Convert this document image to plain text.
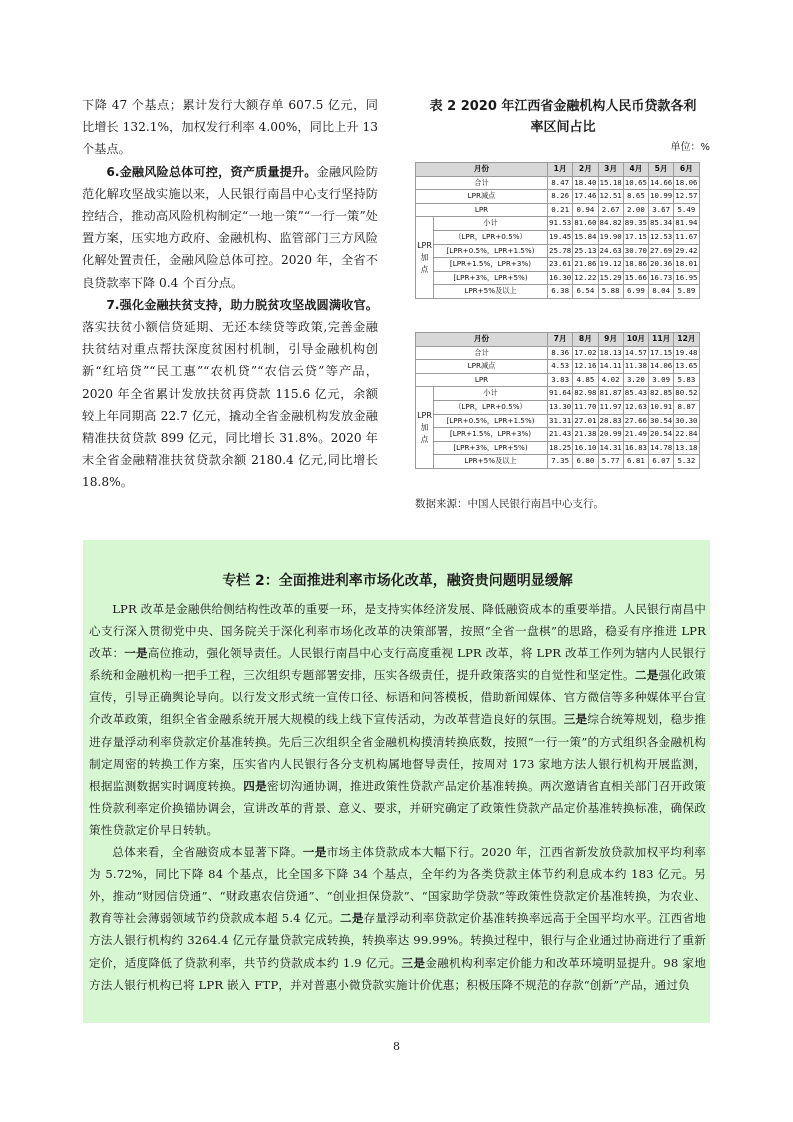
下降 47 个基点；累计发行大额存单 607.5 亿元，同比增长 132.1%，加权发行利率 4.00%，同比上升 13 个基点。

6.金融风险总体可控，资产质量提升。金融风险防范化解攻坚战实施以来，人民银行南昌中心支行坚持防控结合，推动高风险机构制定“一地一策”“一行一策”处置方案，压实地方政府、金融机构、监管部门三方风险化解处置责任，金融风险总体可控。2020 年，全省不良贷款率下降 0.4 个百分点。

7.强化金融扶贫支持，助力脱贫攻坚战圆满收官。落实扶贫小额信贷延期、无还本续贷等政策,完善金融扶贫结对重点帮扶深度贫困村机制，引导金融机构创新“红培贷”“民工惠”“农机贷”“农信云贷”等产品，2020 年全省累计发放扶贫再贷款 115.6 亿元，余额较上年同期高 22.7 亿元，撬动全省金融机构发放金融精准扶贫贷款 899 亿元，同比增长 31.8%。2020 年末全省金融精准扶贫贷款余额 2180.4 亿元,同比增长 18.8%。

表 2 2020 年江西省金融机构人民币贷款各利
率区间占比
单位：%
月份		1月	2月	3月	4月	5月	6月
合计		8.47	18.40	15.18	10.65	14.66	18.06
LPR减点		8.26	17.46	12.51	8.65	10.99	12.57
LPR		0.21	0.94	2.67	2.00	3.67	5.49
LPR 加点	小计	91.53	81.60	84.82	89.35	85.34	81.94
	（LPR，LPR+0.5%）	19.45	15.84	19.90	17.15	12.53	11.67
	[LPR+0.5%，LPR+1.5%)	25.78	25.13	24.63	30.70	27.69	29.42
	[LPR+1.5%，LPR+3%)	23.61	21.86	19.12	18.86	20.36	18.01
	[LPR+3%，LPR+5%)	16.30	12.22	15.29	15.66	16.73	16.95
	LPR+5%及以上	6.38	6.54	5.88	6.99	8.04	5.89
月份		7月	8月	9月	10月	11月	12月
合计		8.36	17.02	18.13	14.57	17.15	19.48
LPR减点		4.53	12.16	14.11	11.38	14.06	13.65
LPR		3.83	4.85	4.02	3.20	3.09	5.83
LPR 加点	小计	91.64	82.98	81.87	85.43	82.85	80.52
	（LPR，LPR+0.5%）	13.30	11.70	11.97	12.63	10.91	8.87
	[LPR+0.5%，LPR+1.5%)	31.31	27.01	28.83	27.66	30.54	30.30
	[LPR+1.5%，LPR+3%)	21.43	21.38	20.99	21.49	20.54	22.84
	[LPR+3%，LPR+5%)	18.25	16.10	14.31	16.83	14.78	13.18
	LPR+5%及以上	7.35	6.80	5.77	6.81	6.07	5.32
数据来源：中国人民银行南昌中心支行。
专栏 2：全面推进利率市场化改革，融资贵问题明显缓解

LPR 改革是金融供给侧结构性改革的重要一环，是支持实体经济发展、降低融资成本的重要举措。人民银行南昌中心支行深入贯彻党中央、国务院关于深化利率市场化改革的决策部署，按照“全省一盘棋”的思路，稳妥有序推进 LPR 改革：一是高位推动，强化领导责任。人民银行南昌中心支行高度重视 LPR 改革，将 LPR 改革工作列为辖内人民银行系统和金融机构一把手工程，三次组织专题部署安排，压实各级责任，提升政策落实的自觉性和坚定性。二是强化政策宣传，引导正确舆论导向。以行发文形式统一宣传口径、标语和问答模板，借助新闻媒体、官方微信等多种媒体平台宣介改革政策，组织全省金融系统开展大规模的线上线下宣传活动，为改革营造良好的氛围。三是综合统筹规划，稳步推进存量浮动利率贷款定价基准转换。先后三次组织全省金融机构摸清转换底数，按照“一行一策”的方式组织各金融机构制定周密的转换工作方案，压实省内人民银行各分支机构属地督导责任，按周对 173 家地方法人银行机构开展监测，根据监测数据实时调度转换。四是密切沟通协调，推进政策性贷款产品定价基准转换。两次邀请省直相关部门召开政策性贷款利率定价换锚协调会，宣讲改革的背景、意义、要求，并研究确定了政策性贷款产品定价基准转换标准，确保政策性贷款定价早日转轨。

总体来看，全省融资成本显著下降。一是市场主体贷款成本大幅下行。2020 年，江西省新发放贷款加权平均利率为 5.72%，同比下降 84 个基点，比全国多下降 34 个基点，全年约为各类贷款主体节约利息成本约 183 亿元。另外，推动“财园信贷通”、“财政惠农信贷通”、“创业担保贷款”、“国家助学贷款”等政策性贷款定价基准转换，为农业、教育等社会薄弱领域节约贷款成本超 5.4 亿元。二是存量浮动利率贷款定价基准转换率远高于全国平均水平。江西省地方法人银行机构约 3264.4 亿元存量贷款完成转换，转换率达 99.99%。转换过程中，银行与企业通过协商进行了重新定价，适度降低了贷款利率，共节约贷款成本约 1.9 亿元。三是金融机构利率定价能力和改革环境明显提升。98 家地方法人银行机构已将 LPR 嵌入 FTP，并对普惠小微贷款实施计价优惠；积极压降不规范的存款“创新”产品，通过负

8
